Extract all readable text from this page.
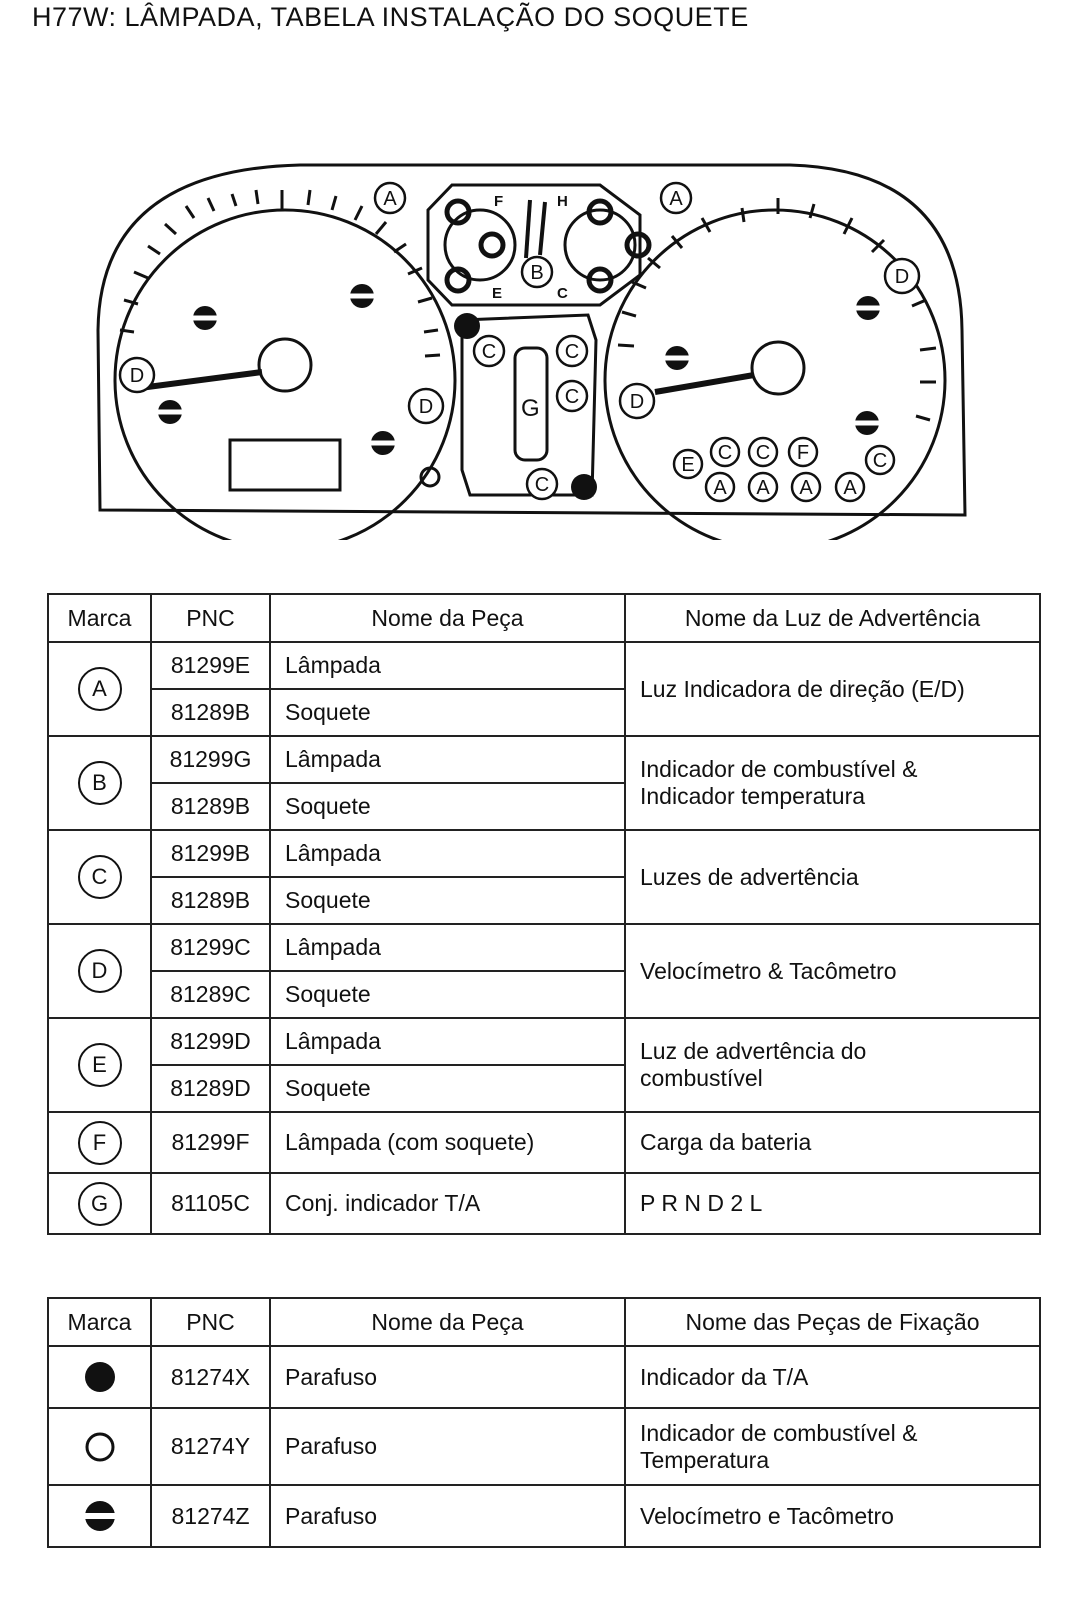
H77W: LÂMPADA, TABELA INSTALAÇÃO DO SOQUETE
A	A
B
C	C
C
C
D
D	D
D
C C F	C
E
A A A A
F	H
E	C
G
Marca	PNC	Nome da Peça	Nome da Luz de Advertência
A	81299E	Lâmpada	Luz Indicadora de direção (E/D)
	81289B	Soquete	
B	81299G	Lâmpada	Indicador de combustível &
Indicador temperatura
	81289B	Soquete	
C	81299B	Lâmpada	Luzes de advertência
	81289B	Soquete	
D	81299C	Lâmpada	Velocímetro & Tacômetro
	81289C	Soquete	
E	81299D	Lâmpada	Luz de advertência do
combustível
	81289D	Soquete	
F	81299F	Lâmpada (com soquete)	Carga da bateria
G	81105C	Conj. indicador T/A	P R N D 2 L
Marca	PNC	Nome da Peça	Nome das Peças de Fixação
	81274X	Parafuso	Indicador da T/A
	81274Y	Parafuso	Indicador de combustível &
Temperatura
	81274Z	Parafuso	Velocímetro e Tacômetro
